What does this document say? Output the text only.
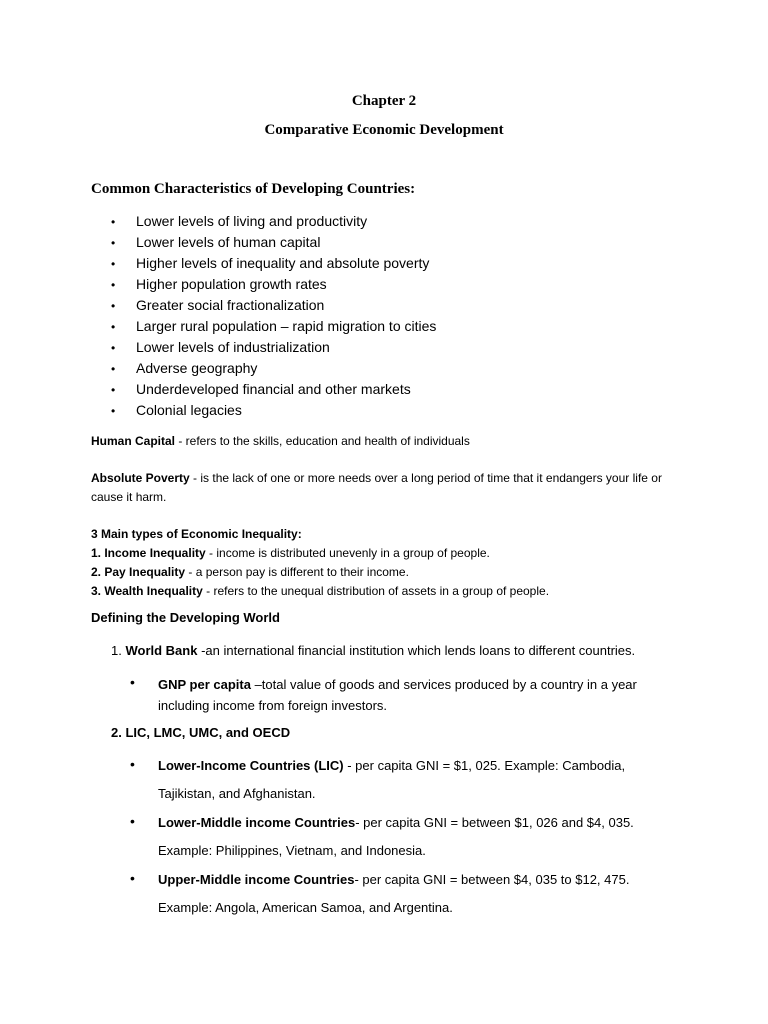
Chapter 2
Comparative Economic Development
Common Characteristics of Developing Countries:
• Lower levels of living and productivity
• Lower levels of human capital
• Higher levels of inequality and absolute poverty
• Higher population growth rates
• Greater social fractionalization
• Larger rural population – rapid migration to cities
• Lower levels of industrialization
• Adverse geography
• Underdeveloped financial and other markets
• Colonial legacies
Human Capital - refers to the skills, education and health of individuals
Absolute Poverty - is the lack of one or more needs over a long period of time that it endangers your life or cause it harm.
3 Main types of Economic Inequality:
1. Income Inequality - income is distributed unevenly in a group of people.
2. Pay Inequality - a person pay is different to their income.
3. Wealth Inequality - refers to the unequal distribution of assets in a group of people.
Defining the Developing World
1. World Bank -an international financial institution which lends loans to different countries.
• GNP per capita –total value of goods and services produced by a country in a year including income from foreign investors.
2. LIC, LMC, UMC, and OECD
• Lower-Income Countries (LIC) - per capita GNI = $1, 025. Example: Cambodia, Tajikistan, and Afghanistan.
• Lower-Middle income Countries- per capita GNI = between $1, 026 and $4, 035. Example: Philippines, Vietnam, and Indonesia.
• Upper-Middle income Countries- per capita GNI = between $4, 035 to $12, 475. Example: Angola, American Samoa, and Argentina.
